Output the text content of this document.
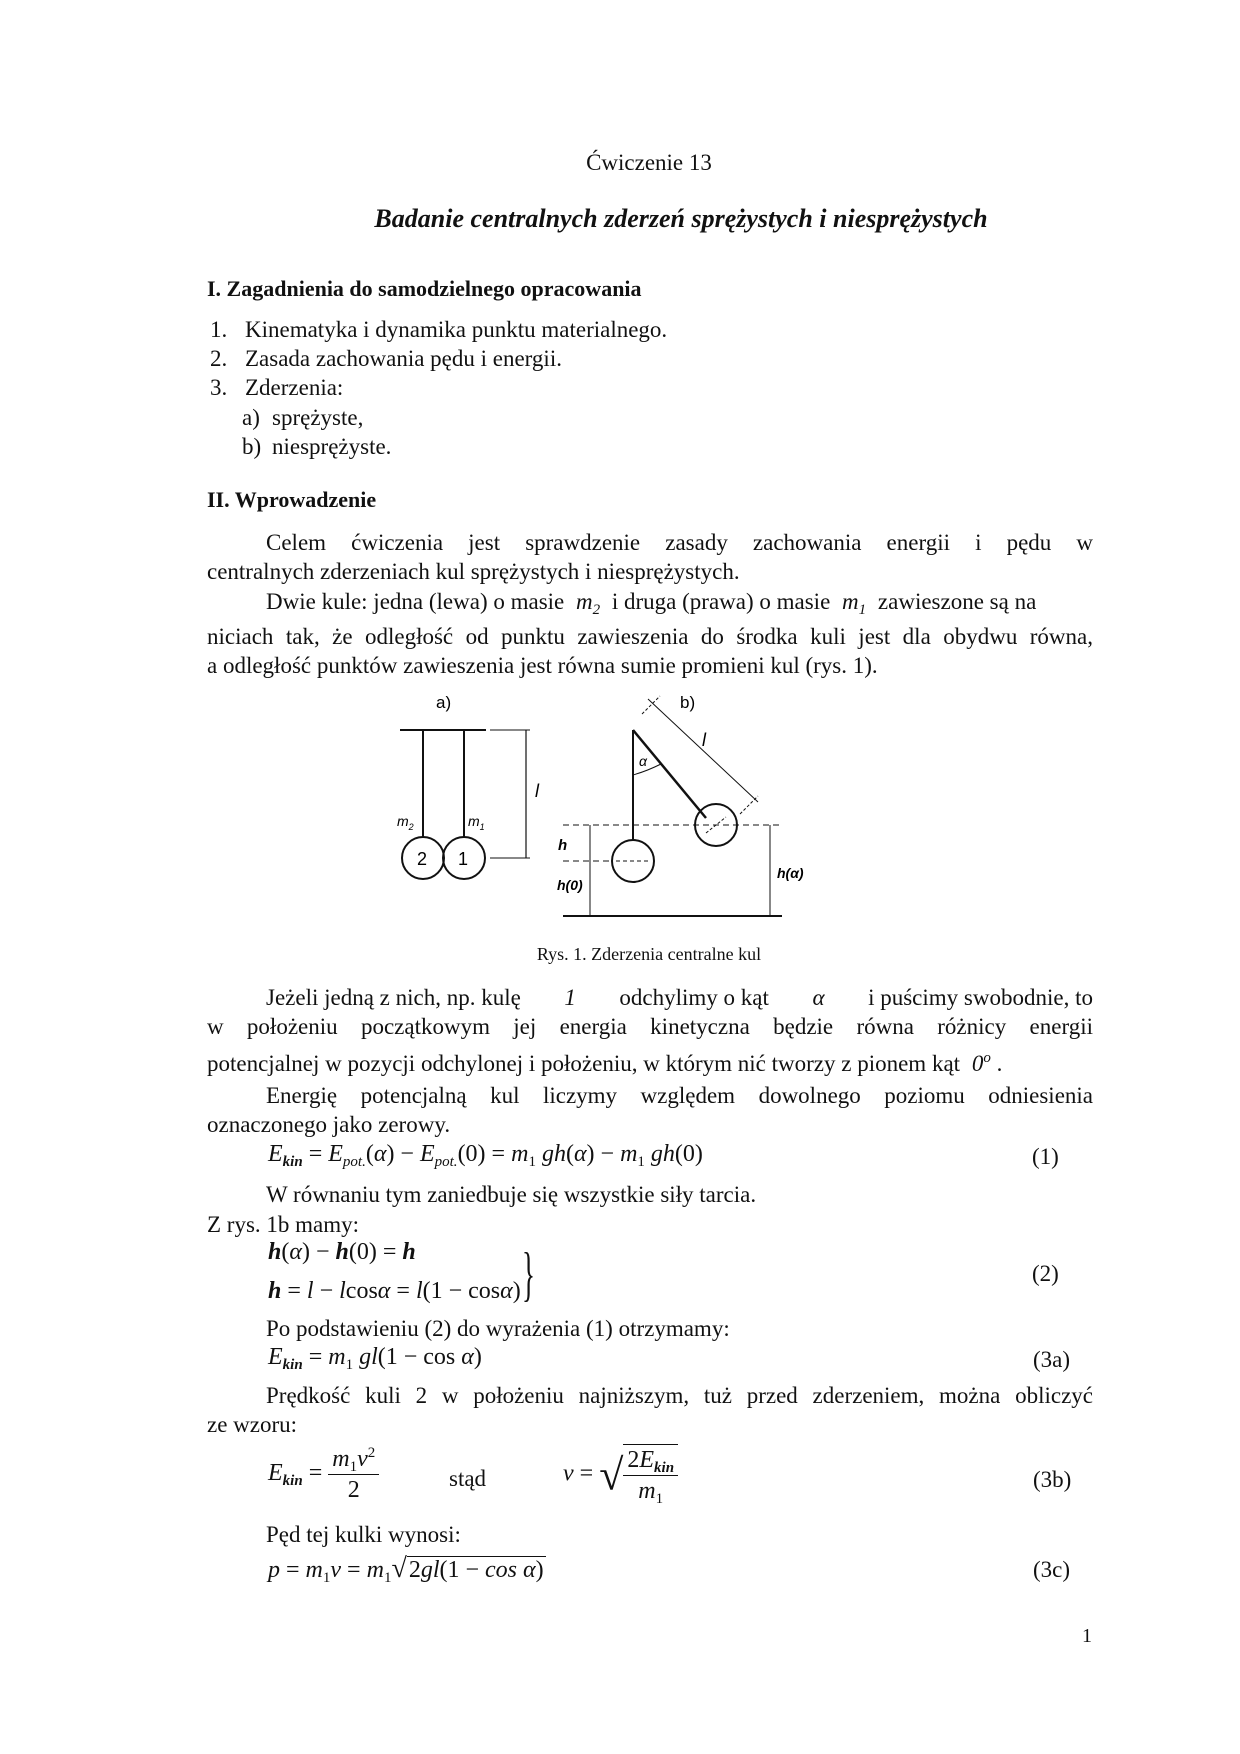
Ćwiczenie 13
Badanie centralnych zderzeń sprężystych i niesprężystych
I. Zagadnienia do samodzielnego opracowania
1. Kinematyka i dynamika punktu materialnego.
2. Zasada zachowania pędu i energii.
3. Zderzenia:
a) sprężyste,
b) niesprężyste.
II. Wprowadzenie
Celem ćwiczenia jest sprawdzenie zasady zachowania energii i pędu w
centralnych zderzeniach kul sprężystych i niesprężystych.
Dwie kule: jedna (lewa) o masie $m_2$ i druga (prawa) o masie $m_1$ zawieszone są na
niciach tak, że odległość od punktu zawieszenia do środka kuli jest dla obydwu równa,
a odległość punktów zawieszenia jest równa sumie promieni kul (rys. 1).
a)
2 1
$m_2$	$m_1$
l
b)
h
h(0)
h(α)
α
l
Rys. 1. Zderzenia centralne kul
Jeżeli jedną z nich, np. kulę 1 odchylimy o kąt α i puścimy swobodnie, to
w położeniu początkowym jej energia kinetyczna będzie równa różnicy energii
potencjalnej w pozycji odchylonej i położeniu, w którym nić tworzy z pionem kąt 0$^o$ .
Energię potencjalną kul liczymy względem dowolnego poziomu odniesienia
oznaczonego jako zerowy.
$E_{kin} = E_{pot.}(\alpha) - E_{pot.}(0) = m_1$ $gh(\alpha) - m_1$ gh(0)	(1)
W równaniu tym zaniedbuje się wszystkie siły tarcia.
Z rys. 1b mamy:
h(α) − h(0) = h
h = l − lcosα = l(1 − cosα) }	(2)
Po podstawieniu (2) do wyrażenia (1) otrzymamy:
$E_{kin} = m_1$ gl(1 − cos α)	(3a)
Prędkość kuli 2 w położeniu najniższym, tuż przed zderzeniem, można obliczyć
ze wzoru:
$E_{kin} = \frac{m_1v^2}{2}$	stąd	v = √ $\frac{2E_{kin}}{m_1}$	(3b)
Pęd tej kulki wynosi:
$p = m_1v = m_1√2gl(1 - \cos \alpha)$	(3c)
1
